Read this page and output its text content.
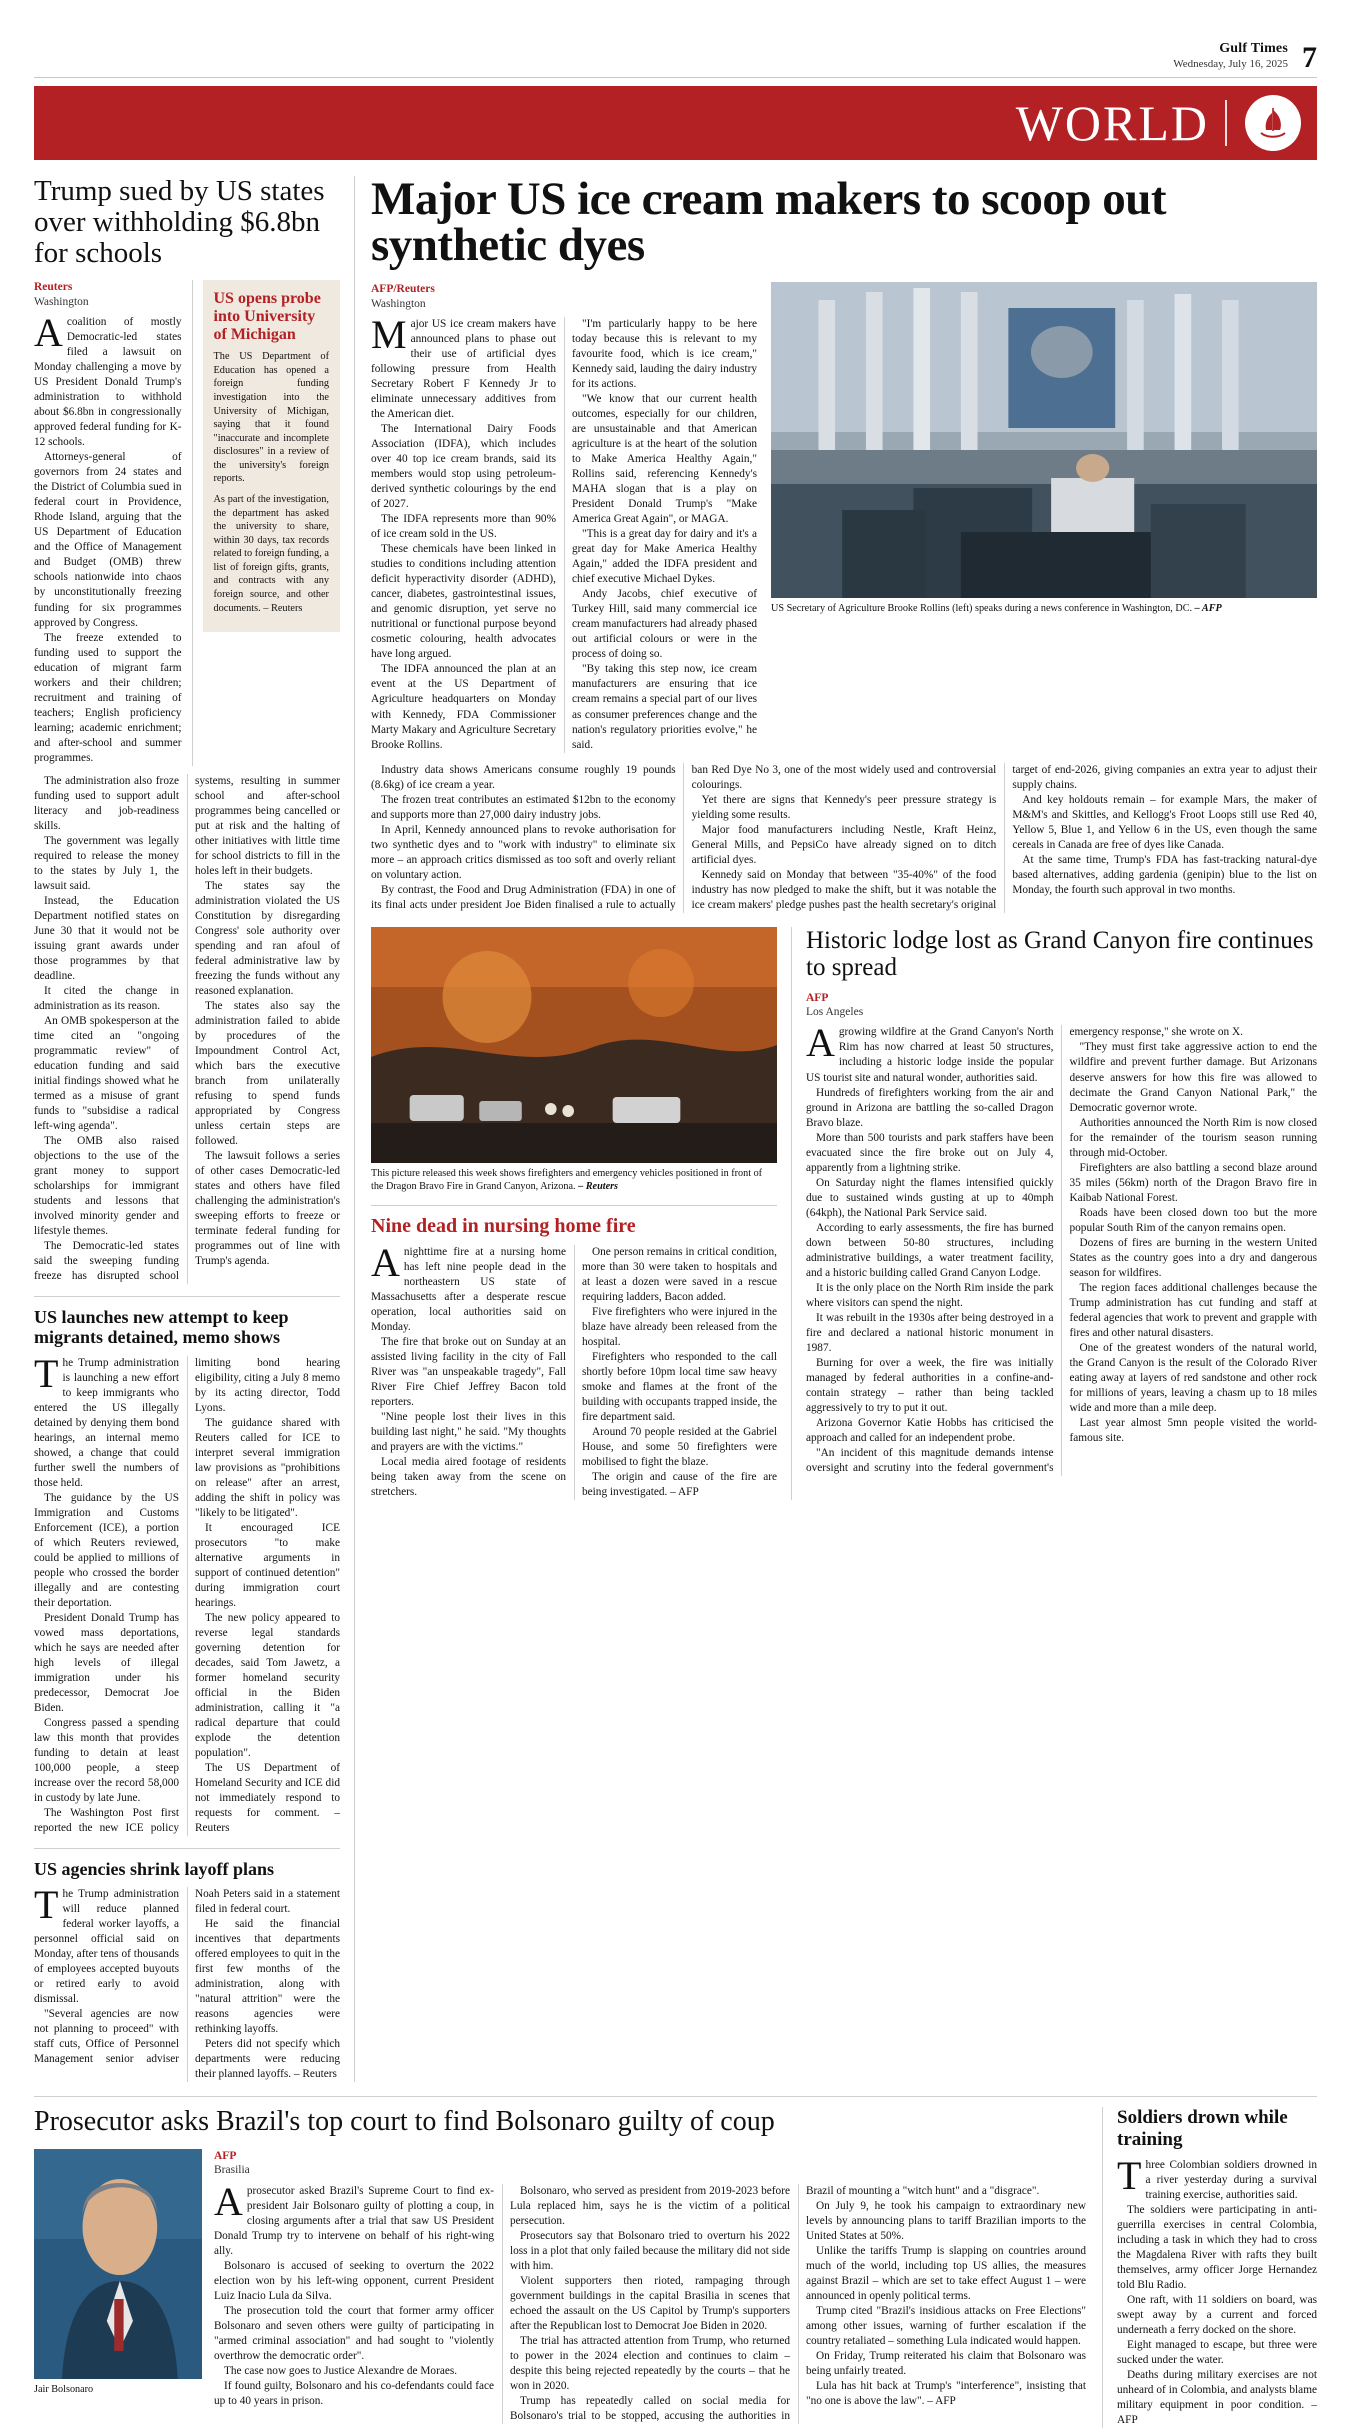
Gulf Times
Wednesday, July 16, 2025 7
WORLD
Trump sued by US states over withholding $6.8bn for schools
Reuters
Washington

Acoalition of mostly Democratic-led states filed a lawsuit on Monday challenging a move by US President Donald Trump's administration to withhold about $6.8bn in congressionally approved federal funding for K-12 schools.

Attorneys-general of governors from 24 states and the District of Columbia sued in federal court in Providence, Rhode Island, arguing that the US Department of Education and the Office of Management and Budget (OMB) threw schools nationwide into chaos by unconstitutionally freezing funding for six programmes approved by Congress.

The freeze extended to funding used to support the education of migrant farm workers and their children; recruitment and training of teachers; English proficiency learning; academic enrichment; and after-school and summer programmes.

US opens probe into University of Michigan

The US Department of Education has opened a foreign funding investigation into the University of Michigan, saying that it found "inaccurate and incomplete disclosures" in a review of the university's foreign reports.

As part of the investigation, the department has asked the university to share, within 30 days, tax records related to foreign funding, a list of foreign gifts, grants, and contracts with any foreign source, and other documents. – Reuters

The administration also froze funding used to support adult literacy and job-readiness skills.

The government was legally required to release the money to the states by July 1, the lawsuit said.

Instead, the Education Department notified states on June 30 that it would not be issuing grant awards under those programmes by that deadline.

It cited the change in administration as its reason.

An OMB spokesperson at the time cited an "ongoing programmatic review" of education funding and said initial findings showed what he termed as a misuse of grant funds to "subsidise a radical left-wing agenda".

The OMB also raised objections to the use of the grant money to support scholarships for immigrant students and lessons that involved minority gender and lifestyle themes.

The Democratic-led states said the sweeping funding freeze has disrupted school systems, resulting in summer school and after-school programmes being cancelled or put at risk and the halting of other initiatives with little time for school districts to fill in the holes left in their budgets.

The states say the administration violated the US Constitution by disregarding Congress' sole authority over spending and ran afoul of federal administrative law by freezing the funds without any reasoned explanation.

The states also say the administration failed to abide by procedures of the Impoundment Control Act, which bars the executive branch from unilaterally refusing to spend funds appropriated by Congress unless certain steps are followed.

The lawsuit follows a series of other cases Democratic-led states and others have filed challenging the administration's sweeping efforts to freeze or terminate federal funding for programmes out of line with Trump's agenda.

US launches new attempt to keep migrants detained, memo shows

The Trump administration is launching a new effort to keep immigrants who entered the US illegally detained by denying them bond hearings, an internal memo showed, a change that could further swell the numbers of those held.

The guidance by the US Immigration and Customs Enforcement (ICE), a portion of which Reuters reviewed, could be applied to millions of people who crossed the border illegally and are contesting their deportation.

President Donald Trump has vowed mass deportations, which he says are needed after high levels of illegal immigration under his predecessor, Democrat Joe Biden.

Congress passed a spending law this month that provides funding to detain at least 100,000 people, a steep increase over the record 58,000 in custody by late June.

The Washington Post first reported the new ICE policy limiting bond hearing eligibility, citing a July 8 memo by its acting director, Todd Lyons.

The guidance shared with Reuters called for ICE to interpret several immigration law provisions as "prohibitions on release" after an arrest, adding the shift in policy was "likely to be litigated".

It encouraged ICE prosecutors "to make alternative arguments in support of continued detention" during immigration court hearings.

The new policy appeared to reverse legal standards governing detention for decades, said Tom Jawetz, a former homeland security official in the Biden administration, calling it "a radical departure that could explode the detention population".

The US Department of Homeland Security and ICE did not immediately respond to requests for comment. – Reuters

US agencies shrink layoff plans

The Trump administration will reduce planned federal worker layoffs, a personnel official said on Monday, after tens of thousands of employees accepted buyouts or retired early to avoid dismissal.

"Several agencies are now not planning to proceed" with staff cuts, Office of Personnel Management senior adviser Noah Peters said in a statement filed in federal court.

He said the financial incentives that departments offered employees to quit in the first few months of the administration, along with "natural attrition" were the reasons agencies were rethinking layoffs.

Peters did not specify which departments were reducing their planned layoffs. – Reuters

Major US ice cream makers to scoop out synthetic dyes
AFP/Reuters
Washington

Major US ice cream makers have announced plans to phase out their use of artificial dyes following pressure from Health Secretary Robert F Kennedy Jr to eliminate unnecessary additives from the American diet.

The International Dairy Foods Association (IDFA), which includes over 40 top ice cream brands, said its members would stop using petroleum-derived synthetic colourings by the end of 2027.

The IDFA represents more than 90% of ice cream sold in the US.

These chemicals have been linked in studies to conditions including attention deficit hyperactivity disorder (ADHD), cancer, diabetes, gastrointestinal issues, and genomic disruption, yet serve no nutritional or functional purpose beyond cosmetic colouring, health advocates have long argued.

The IDFA announced the plan at an event at the US Department of Agriculture headquarters on Monday with Kennedy, FDA Commissioner Marty Makary and Agriculture Secretary Brooke Rollins.

"I'm particularly happy to be here today because this is relevant to my favourite food, which is ice cream," Kennedy said, lauding the dairy industry for its actions.

"We know that our current health outcomes, especially for our children, are unsustainable and that American agriculture is at the heart of the solution to Make America Healthy Again," Rollins said, referencing Kennedy's MAHA slogan that is a play on President Donald Trump's "Make America Great Again", or MAGA.

"This is a great day for dairy and it's a great day for Make America Healthy Again," added the IDFA president and chief executive Michael Dykes.

Andy Jacobs, chief executive of Turkey Hill, said many commercial ice cream manufacturers had already phased out artificial colours or were in the process of doing so.

"By taking this step now, ice cream manufacturers are ensuring that ice cream remains a special part of our lives as consumer preferences change and the nation's regulatory priorities evolve," he said.

US Secretary of Agriculture Brooke Rollins (left) speaks during a news conference in Washington, DC. – AFP

Industry data shows Americans consume roughly 19 pounds (8.6kg) of ice cream a year.

The frozen treat contributes an estimated $12bn to the economy and supports more than 27,000 dairy industry jobs.

In April, Kennedy announced plans to revoke authorisation for two synthetic dyes and to "work with industry" to eliminate six more – an approach critics dismissed as too soft and overly reliant on voluntary action.

By contrast, the Food and Drug Administration (FDA) in one of its final acts under president Joe Biden finalised a rule to actually ban Red Dye No 3, one of the most widely used and controversial colourings.

Yet there are signs that Kennedy's peer pressure strategy is yielding some results.

Major food manufacturers including Nestle, Kraft Heinz, General Mills, and PepsiCo have already signed on to ditch artificial dyes.

Kennedy said on Monday that between "35-40%" of the food industry has now pledged to make the shift, but it was notable the ice cream makers' pledge pushes past the health secretary's original target of end-2026, giving companies an extra year to adjust their supply chains.

And key holdouts remain – for example Mars, the maker of M&M's and Skittles, and Kellogg's Froot Loops still use Red 40, Yellow 5, Blue 1, and Yellow 6 in the US, even though the same cereals in Canada are free of dyes like Canada.

At the same time, Trump's FDA has fast-tracking natural-dye based alternatives, adding gardenia (genipin) blue to the list on Monday, the fourth such approval in two months.

This picture released this week shows firefighters and emergency vehicles positioned in front of the Dragon Bravo Fire in Grand Canyon, Arizona. – Reuters
Nine dead in nursing home fire

Anighttime fire at a nursing home has left nine people dead in the northeastern US state of Massachusetts after a desperate rescue operation, local authorities said on Monday.

The fire that broke out on Sunday at an assisted living facility in the city of Fall River was "an unspeakable tragedy", Fall River Fire Chief Jeffrey Bacon told reporters.

"Nine people lost their lives in this building last night," he said. "My thoughts and prayers are with the victims."

Local media aired footage of residents being taken away from the scene on stretchers.

One person remains in critical condition, more than 30 were taken to hospitals and at least a dozen were saved in a rescue requiring ladders, Bacon added.

Five firefighters who were injured in the blaze have already been released from the hospital.

Firefighters who responded to the call shortly before 10pm local time saw heavy smoke and flames at the front of the building with occupants trapped inside, the fire department said.

Around 70 people resided at the Gabriel House, and some 50 firefighters were mobilised to fight the blaze.

The origin and cause of the fire are being investigated. – AFP

Historic lodge lost as Grand Canyon fire continues to spread
AFP
Los Angeles

Agrowing wildfire at the Grand Canyon's North Rim has now charred at least 50 structures, including a historic lodge inside the popular US tourist site and natural wonder, authorities said.

Hundreds of firefighters working from the air and ground in Arizona are battling the so-called Dragon Bravo blaze.

More than 500 tourists and park staffers have been evacuated since the fire broke out on July 4, apparently from a lightning strike.

On Saturday night the flames intensified quickly due to sustained winds gusting at up to 40mph (64kph), the National Park Service said.

According to early assessments, the fire has burned down between 50-80 structures, including administrative buildings, a water treatment facility, and a historic building called Grand Canyon Lodge.

It is the only place on the North Rim inside the park where visitors can spend the night.

It was rebuilt in the 1930s after being destroyed in a fire and declared a national historic monument in 1987.

Burning for over a week, the fire was initially managed by federal authorities in a confine-and-contain strategy – rather than being tackled aggressively to try to put it out.

Arizona Governor Katie Hobbs has criticised the approach and called for an independent probe.

"An incident of this magnitude demands intense oversight and scrutiny into the federal government's emergency response," she wrote on X.

"They must first take aggressive action to end the wildfire and prevent further damage. But Arizonans deserve answers for how this fire was allowed to decimate the Grand Canyon National Park," the Democratic governor wrote.

Authorities announced the North Rim is now closed for the remainder of the tourism season running through mid-October.

Firefighters are also battling a second blaze around 35 miles (56km) north of the Dragon Bravo fire in Kaibab National Forest.

Roads have been closed down too but the more popular South Rim of the canyon remains open.

Dozens of fires are burning in the western United States as the country goes into a dry and dangerous season for wildfires.

The region faces additional challenges because the Trump administration has cut funding and staff at federal agencies that work to prevent and grapple with fires and other natural disasters.

One of the greatest wonders of the natural world, the Grand Canyon is the result of the Colorado River eating away at layers of red sandstone and other rock for millions of years, leaving a chasm up to 18 miles wide and more than a mile deep.

Last year almost 5mn people visited the world-famous site.

Prosecutor asks Brazil's top court to find Bolsonaro guilty of coup
Jair Bolsonaro
AFP
Brasilia

Aprosecutor asked Brazil's Supreme Court to find ex-president Jair Bolsonaro guilty of plotting a coup, in closing arguments after a trial that saw US President Donald Trump try to intervene on behalf of his right-wing ally.

Bolsonaro is accused of seeking to overturn the 2022 election won by his left-wing opponent, current President Luiz Inacio Lula da Silva.

The prosecution told the court that former army officer Bolsonaro and seven others were guilty of participating in "armed criminal association" and had sought to "violently overthrow the democratic order".

The case now goes to Justice Alexandre de Moraes.

If found guilty, Bolsonaro and his co-defendants could face up to 40 years in prison.

Bolsonaro, who served as president from 2019-2023 before Lula replaced him, says he is the victim of a political persecution.

Prosecutors say that Bolsonaro tried to overturn his 2022 loss in a plot that only failed because the military did not side with him.

Violent supporters then rioted, rampaging through government buildings in the capital Brasilia in scenes that echoed the assault on the US Capitol by Trump's supporters after the Republican lost to Democrat Joe Biden in 2020.

The trial has attracted attention from Trump, who returned to power in the 2024 election and continues to claim – despite this being rejected repeatedly by the courts – that he won in 2020.

Trump has repeatedly called on social media for Bolsonaro's trial to be stopped, accusing the authorities in Brazil of mounting a "witch hunt" and a "disgrace".

On July 9, he took his campaign to extraordinary new levels by announcing plans to tariff Brazilian imports to the United States at 50%.

Unlike the tariffs Trump is slapping on countries around much of the world, including top US allies, the measures against Brazil – which are set to take effect August 1 – were announced in openly political terms.

Trump cited "Brazil's insidious attacks on Free Elections" among other issues, warning of further escalation if the country retaliated – something Lula indicated would happen.

On Friday, Trump reiterated his claim that Bolsonaro was being unfairly treated.

Lula has hit back at Trump's "interference", insisting that "no one is above the law". – AFP

Soldiers drown while training

Three Colombian soldiers drowned in a river yesterday during a survival training exercise, authorities said.

The soldiers were participating in anti-guerrilla exercises in central Colombia, including a task in which they had to cross the Magdalena River with rafts they built themselves, army officer Jorge Hernandez told Blu Radio.

One raft, with 11 soldiers on board, was swept away by a current and forced underneath a ferry docked on the shore.

Eight managed to escape, but three were sucked under the water.

Deaths during military exercises are not unheard of in Colombia, and analysts blame military equipment in poor condition. – AFP
